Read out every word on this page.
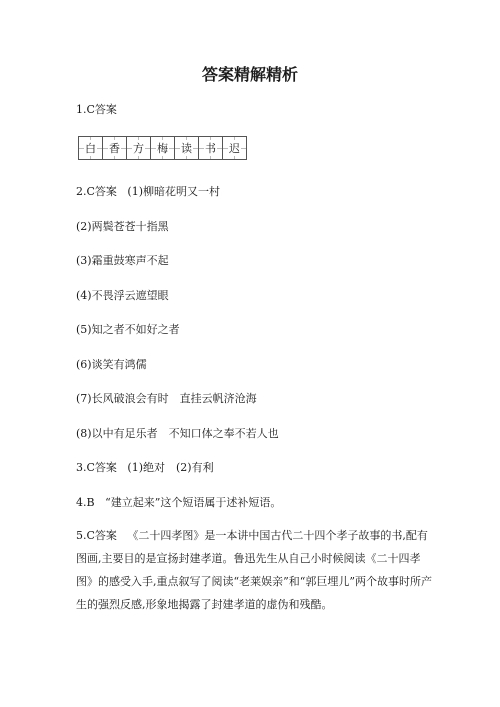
答案精解精析
1.C答案
白 香 方 梅 读 书 迟
2.C答案 (1)柳暗花明又一村
(2)两鬓苍苍十指黑
(3)霜重鼓寒声不起
(4)不畏浮云遮望眼
(5)知之者不如好之者
(6)谈笑有鸿儒
(7)长风破浪会有时　直挂云帆济沧海
(8)以中有足乐者　不知口体之奉不若人也
3.C答案 (1)绝对　(2)有利
4.B “建立起来”这个短语属于述补短语。
5.C答案 《二十四孝图》是一本讲中国古代二十四个孝子故事的书,配有图画,主要目的是宣扬封建孝道。鲁迅先生从自己小时候阅读《二十四孝图》的感受入手,重点叙写了阅读“老莱娱亲”和“郭巨埋儿”两个故事时所产生的强烈反感,形象地揭露了封建孝道的虚伪和残酷。
